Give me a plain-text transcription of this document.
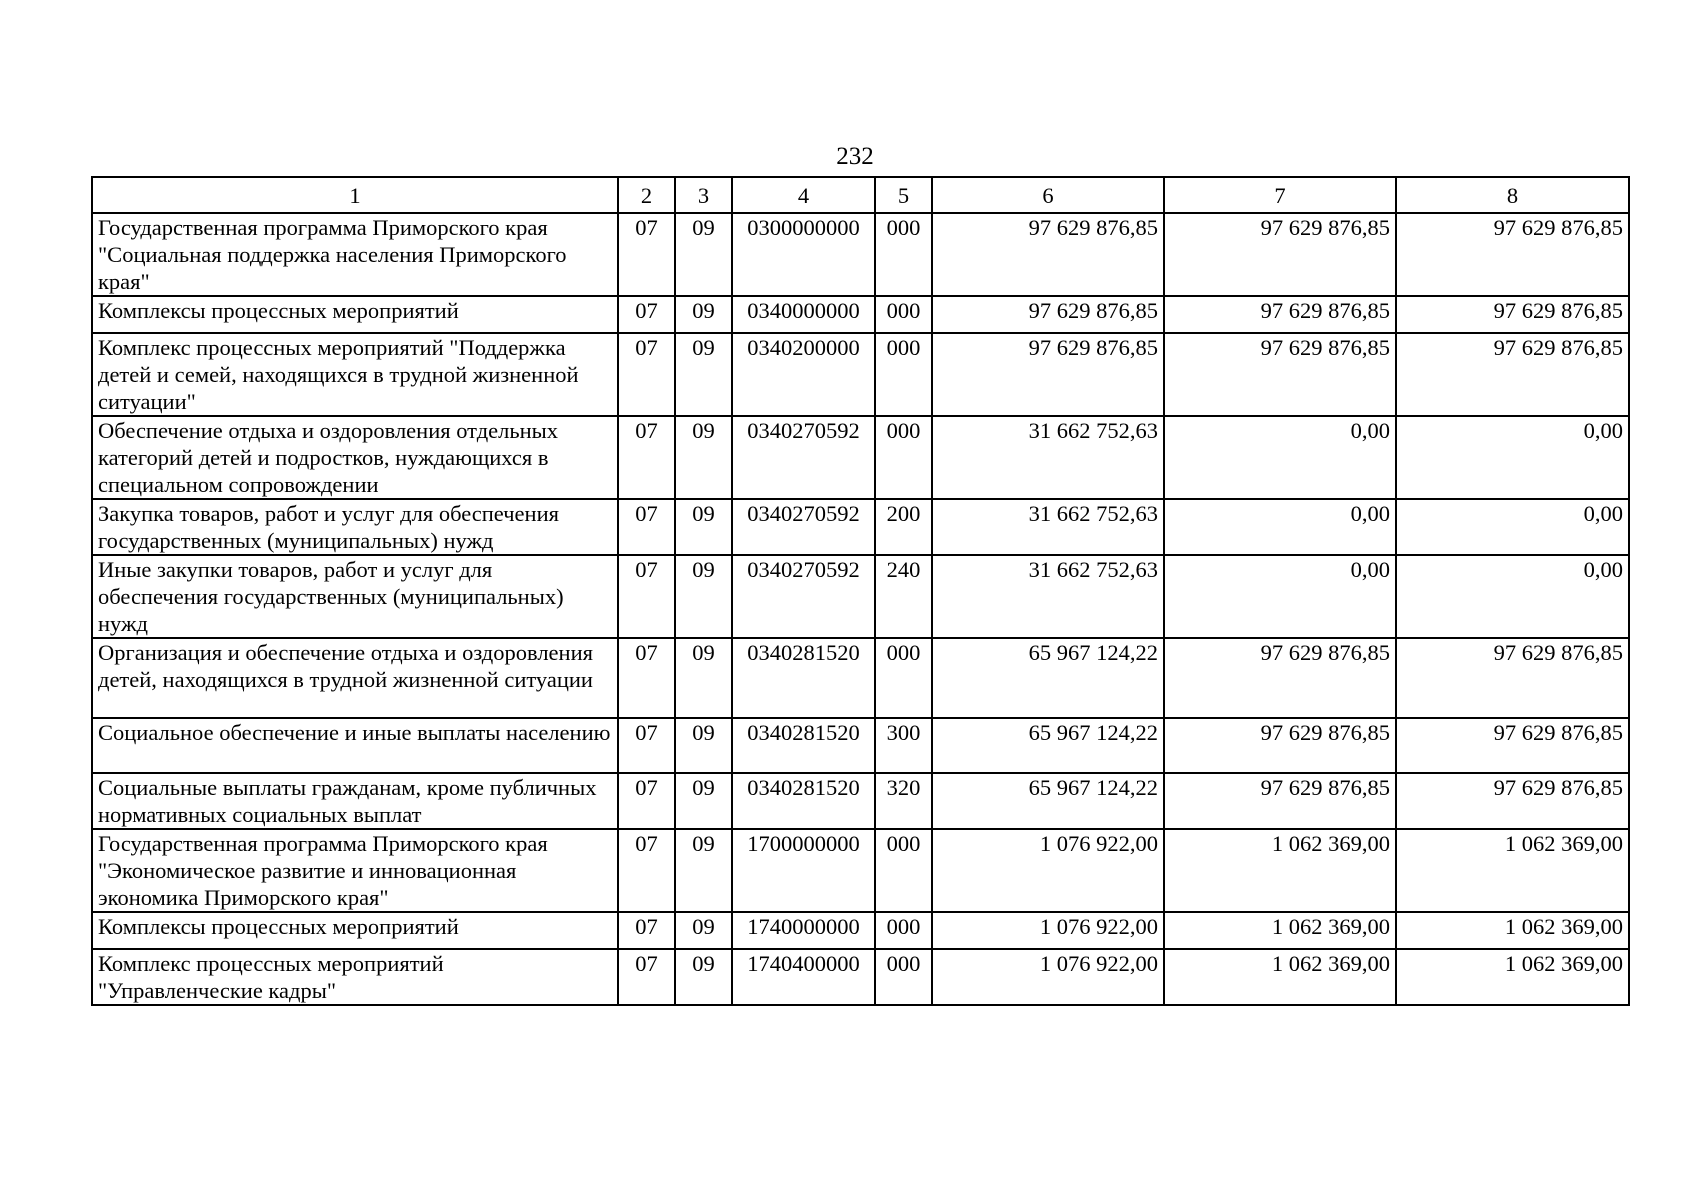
232
1	2	3	4	5	6	7	8
Государственная программа Приморского края "Социальная поддержка населения Приморского края"	07	09	0300000000	000	97 629 876,85	97 629 876,85	97 629 876,85
Комплексы процессных мероприятий	07	09	0340000000	000	97 629 876,85	97 629 876,85	97 629 876,85
Комплекс процессных мероприятий "Поддержка детей и семей, находящихся в трудной жизненной ситуации"	07	09	0340200000	000	97 629 876,85	97 629 876,85	97 629 876,85
Обеспечение отдыха и оздоровления отдельных категорий детей и подростков, нуждающихся в специальном сопровождении	07	09	0340270592	000	31 662 752,63	0,00	0,00
Закупка товаров, работ и услуг для обеспечения государственных (муниципальных) нужд	07	09	0340270592	200	31 662 752,63	0,00	0,00
Иные закупки товаров, работ и услуг для обеспечения государственных (муниципальных) нужд	07	09	0340270592	240	31 662 752,63	0,00	0,00
Организация и обеспечение отдыха и оздоровления детей, находящихся в трудной жизненной ситуации	07	09	0340281520	000	65 967 124,22	97 629 876,85	97 629 876,85
Социальное обеспечение и иные выплаты населению	07	09	0340281520	300	65 967 124,22	97 629 876,85	97 629 876,85
Социальные выплаты гражданам, кроме публичных нормативных социальных выплат	07	09	0340281520	320	65 967 124,22	97 629 876,85	97 629 876,85
Государственная программа Приморского края "Экономическое развитие и инновационная экономика Приморского края"	07	09	1700000000	000	1 076 922,00	1 062 369,00	1 062 369,00
Комплексы процессных мероприятий	07	09	1740000000	000	1 076 922,00	1 062 369,00	1 062 369,00
Комплекс процессных мероприятий "Управленческие кадры"	07	09	1740400000	000	1 076 922,00	1 062 369,00	1 062 369,00
